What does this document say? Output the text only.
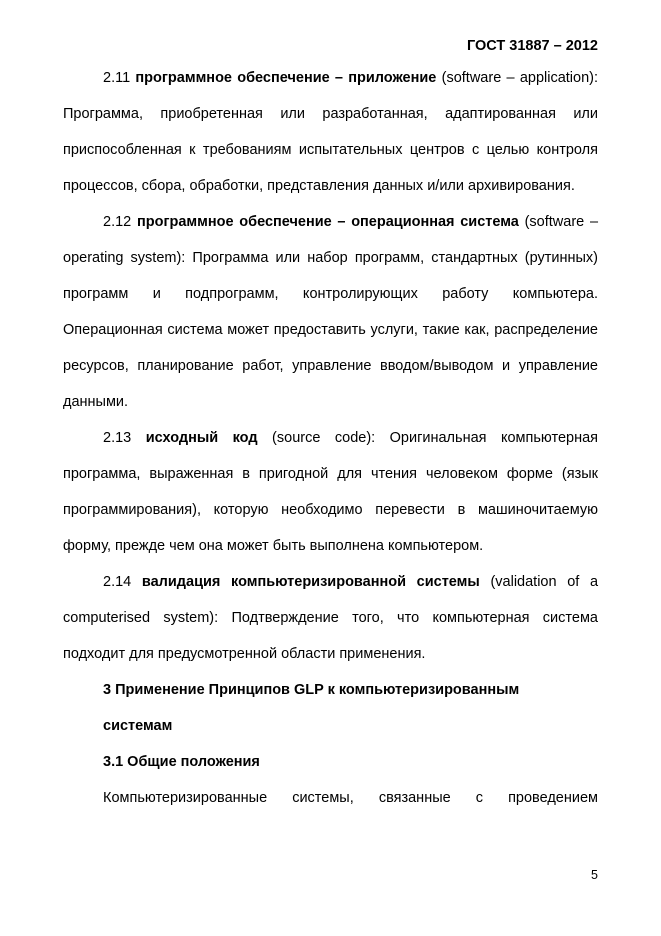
ГОСТ 31887 – 2012

2.11 программное обеспечение – приложение (software – application): Программа, приобретенная или разработанная, адаптированная или приспособленная к требованиям испытательных центров с целью контроля процессов, сбора, обработки, представления данных и/или архивирования.

2.12 программное обеспечение – операционная система (software – operating system): Программа или набор программ, стандартных (рутинных) программ и подпрограмм, контролирующих работу компьютера. Операционная система может предоставить услуги, такие как, распределение ресурсов, планирование работ, управление вводом/выводом и управление данными.

2.13 исходный код (source code): Оригинальная компьютерная программа, выраженная в пригодной для чтения человеком форме (язык программирования), которую необходимо перевести в машиночитаемую форму, прежде чем она может быть выполнена компьютером.

2.14 валидация компьютеризированной системы (validation of a computerised system): Подтверждение того, что компьютерная система подходит для предусмотренной области применения.

3 Применение Принципов GLP к компьютеризированным

системам

3.1 Общие положения

Компьютеризированные системы, связанные с проведением

5
